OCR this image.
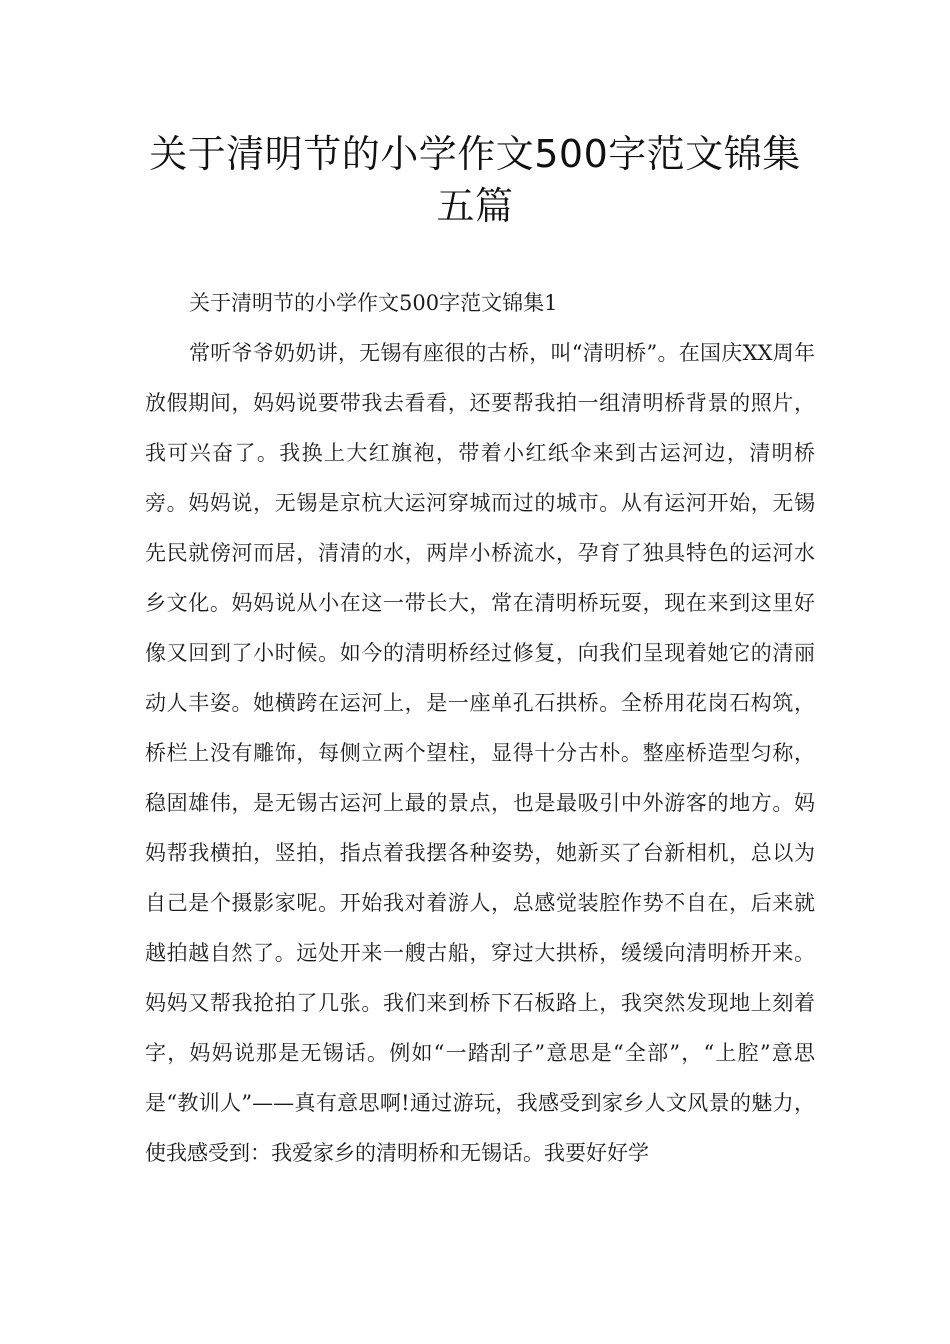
关于清明节的小学作文500字范文锦集
五篇

关于清明节的小学作文500字范文锦集1

常听爷爷奶奶讲，无锡有座很的古桥，叫“清明桥”。在国庆XX周年放假期间，妈妈说要带我去看看，还要帮我拍一组清明桥背景的照片，我可兴奋了。我换上大红旗袍，带着小红纸伞来到古运河边，清明桥旁。妈妈说，无锡是京杭大运河穿城而过的城市。从有运河开始，无锡先民就傍河而居，清清的水，两岸小桥流水，孕育了独具特色的运河水乡文化。妈妈说从小在这一带长大，常在清明桥玩耍，现在来到这里好像又回到了小时候。如今的清明桥经过修复，向我们呈现着她它的清丽动人丰姿。她横跨在运河上，是一座单孔石拱桥。全桥用花岗石构筑，桥栏上没有雕饰，每侧立两个望柱，显得十分古朴。整座桥造型匀称，稳固雄伟，是无锡古运河上最的景点，也是最吸引中外游客的地方。妈妈帮我横拍，竖拍，指点着我摆各种姿势，她新买了台新相机，总以为自己是个摄影家呢。开始我对着游人，总感觉装腔作势不自在，后来就越拍越自然了。远处开来一艘古船，穿过大拱桥，缓缓向清明桥开来。妈妈又帮我抢拍了几张。我们来到桥下石板路上，我突然发现地上刻着字，妈妈说那是无锡话。例如“一踏刮子”意思是“全部”，“上腔”意思是“教训人”——真有意思啊!通过游玩，我感受到家乡人文风景的魅力，使我感受到：我爱家乡的清明桥和无锡话。我要好好学
